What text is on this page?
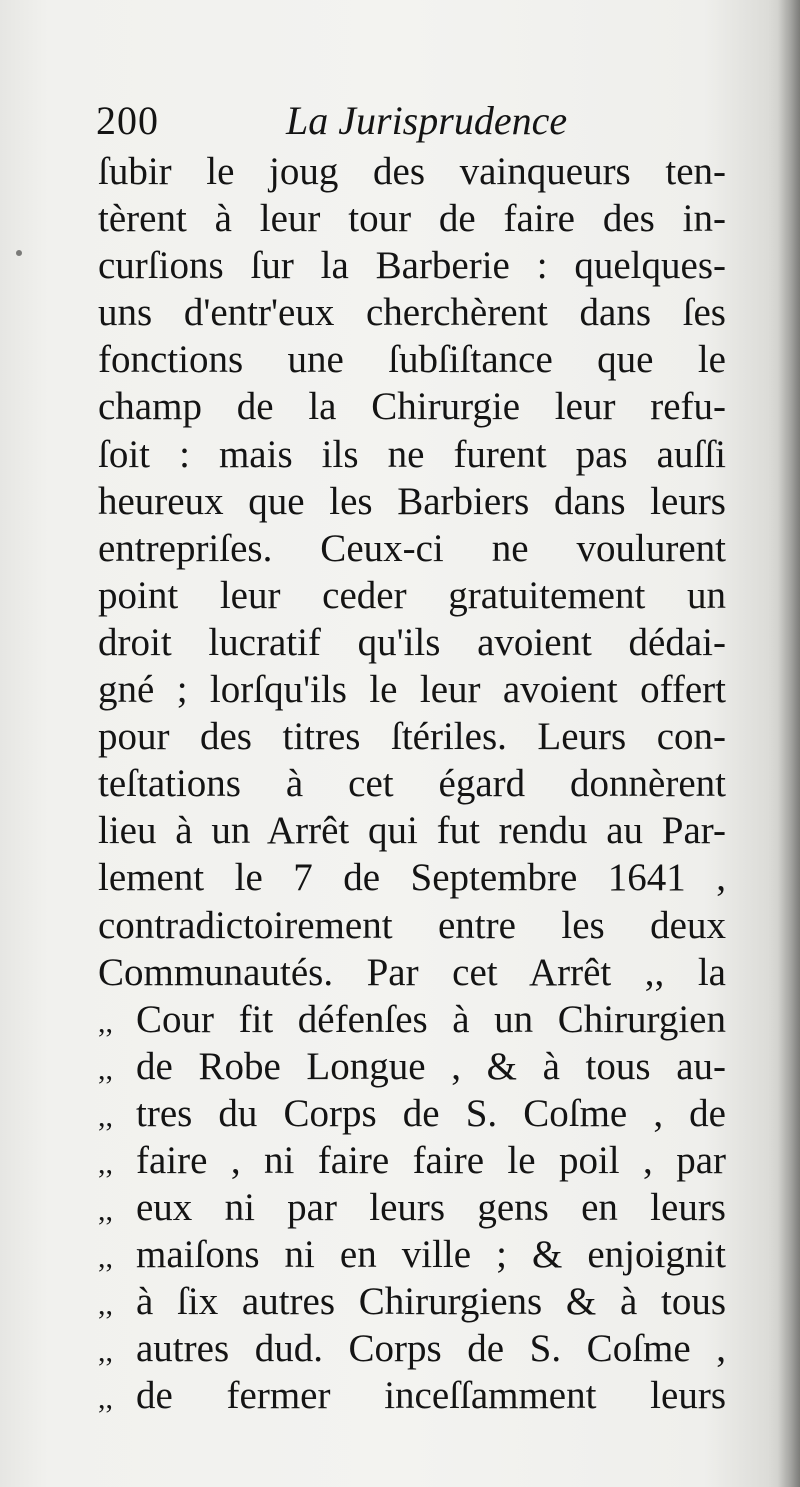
200	La Jurisprudence
ſubir le joug des vainqueurs ten-
tèrent à leur tour de faire des in-
curſions ſur la Barberie : quelques-
uns d'entr'eux cherchèrent dans ſes
fonctions une ſubſiſtance que le
champ de la Chirurgie leur refu-
ſoit : mais ils ne furent pas auſſi
heureux que les Barbiers dans leurs
entrepriſes. Ceux-ci ne voulurent
point leur ceder gratuitement un
droit lucratif qu'ils avoient dédai-
gné ; lorſqu'ils le leur avoient offert
pour des titres ſtériles. Leurs con-
teſtations à cet égard donnèrent
lieu à un Arrêt qui fut rendu au Par-
lement le 7 de Septembre 1641 ,
contradictoirement entre les deux
Communautés. Par cet Arrêt ,, la
,, Cour fit défenſes à un Chirurgien
,, de Robe Longue , & à tous au-
,, tres du Corps de S. Coſme , de
,, faire , ni faire faire le poil , par
,, eux ni par leurs gens en leurs
,, maiſons ni en ville ; & enjoignit
,, à ſix autres Chirurgiens & à tous
,, autres dud. Corps de S. Coſme ,
,, de fermer inceſſamment leurs
